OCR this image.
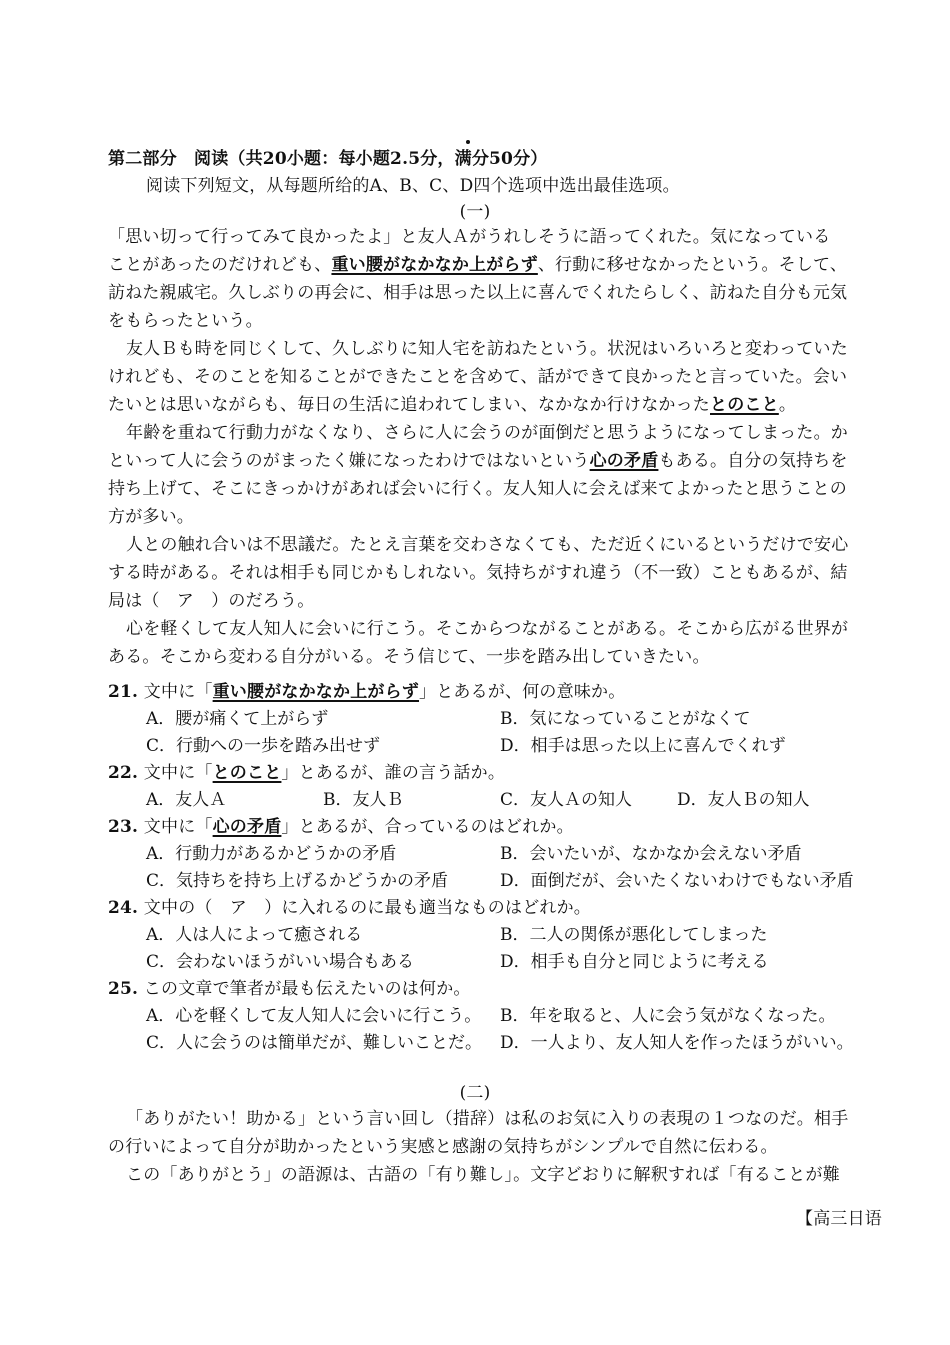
第二部分　阅读（共20小题：每小题2.5分，满分50分）
阅读下列短文，从每题所给的A、B、C、D四个选项中选出最佳选项。
(一)
「思い切って行ってみて良かったよ」と友人Ａがうれしそうに語ってくれた。気になっている
ことがあったのだけれども、重い腰がなかなか上がらず、行動に移せなかったという。そして、
訪ねた親戚宅。久しぶりの再会に、相手は思った以上に喜んでくれたらしく、訪ねた自分も元気
をもらったという。
友人Ｂも時を同じくして、久しぶりに知人宅を訪ねたという。状況はいろいろと変わっていた
けれども、そのことを知ることができたことを含めて、話ができて良かったと言っていた。会い
たいとは思いながらも、毎日の生活に追われてしまい、なかなか行けなかったとのこと。
年齢を重ねて行動力がなくなり、さらに人に会うのが面倒だと思うようになってしまった。か
といって人に会うのがまったく嫌になったわけではないという心の矛盾もある。自分の気持ちを
持ち上げて、そこにきっかけがあれば会いに行く。友人知人に会えば来てよかったと思うことの
方が多い。
人との触れ合いは不思議だ。たとえ言葉を交わさなくても、ただ近くにいるというだけで安心
する時がある。それは相手も同じかもしれない。気持ちがすれ違う（不一致）こともあるが、結
局は（　ア　）のだろう。
心を軽くして友人知人に会いに行こう。そこからつながることがある。そこから広がる世界が
ある。そこから変わる自分がいる。そう信じて、一歩を踏み出していきたい。
21. 文中に「重い腰がなかなか上がらず」とあるが、何の意味か。
A．腰が痛くて上がらず	B．気になっていることがなくて
C．行動への一歩を踏み出せず	D．相手は思った以上に喜んでくれず
22. 文中に「とのこと」とあるが、誰の言う話か。
A．友人Ａ	B．友人Ｂ	C．友人Ａの知人	D．友人Ｂの知人
23. 文中に「心の矛盾」とあるが、合っているのはどれか。
A．行動力があるかどうかの矛盾	B．会いたいが、なかなか会えない矛盾
C．気持ちを持ち上げるかどうかの矛盾	D．面倒だが、会いたくないわけでもない矛盾
24. 文中の（　ア　）に入れるのに最も適当なものはどれか。
A．人は人によって癒される	B．二人の関係が悪化してしまった
C．会わないほうがいい場合もある	D．相手も自分と同じように考える
25. この文章で筆者が最も伝えたいのは何か。
A．心を軽くして友人知人に会いに行こう。 B．年を取ると、人に会う気がなくなった。
C．人に会うのは簡単だが、難しいことだ。 D．一人より、友人知人を作ったほうがいい。
(二)
「ありがたい！助かる」という言い回し（措辞）は私のお気に入りの表現の１つなのだ。相手
の行いによって自分が助かったという実感と感謝の気持ちがシンプルで自然に伝わる。
この「ありがとう」の語源は、古語の「有り難し」。文字どおりに解釈すれば「有ることが難
【高三日语
